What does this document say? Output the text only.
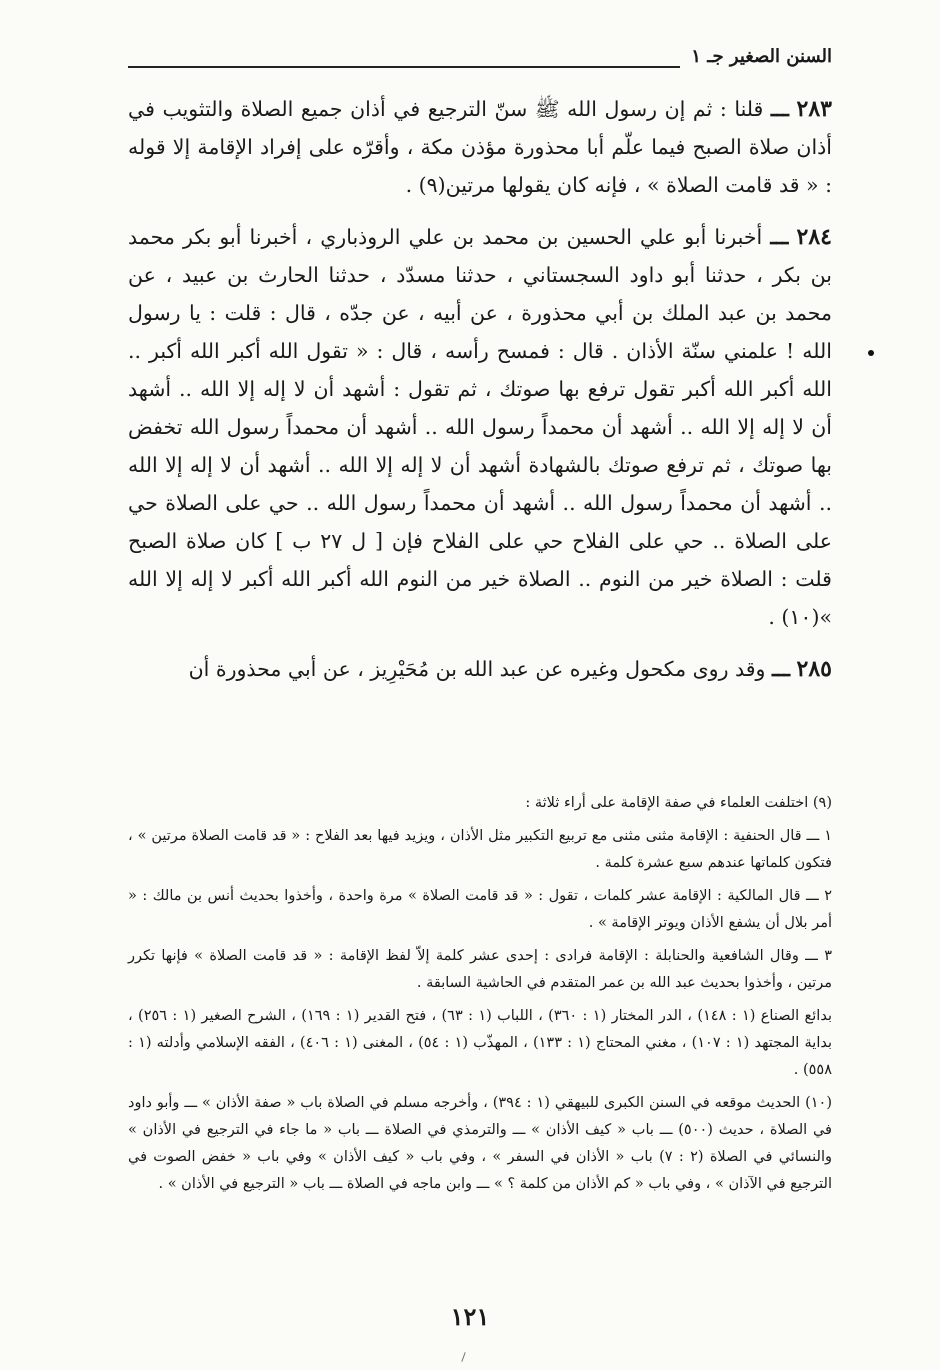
السنن الصغير جـ ١

٢٨٣ ـــ قلنا : ثم إن رسول الله ﷺ سنّ الترجيع في أذان جميع الصلاة والتثويب في أذان صلاة الصبح فيما علّم أبا محذورة مؤذن مكة ، وأقرّه على إفراد الإقامة إلا قوله : « قد قامت الصلاة » ، فإنه كان يقولها مرتين(٩) .

٢٨٤ ـــ أخبرنا أبو علي الحسين بن محمد بن علي الروذباري ، أخبرنا أبو بكر محمد بن بكر ، حدثنا أبو داود السجستاني ، حدثنا مسدّد ، حدثنا الحارث بن عبيد ، عن محمد بن عبد الملك بن أبي محذورة ، عن أبيه ، عن جدّه ، قال : قلت : يا رسول الله ! علمني سنّة الأذان . قال : فمسح رأسه ، قال : « تقول الله أكبر الله أكبر .. الله أكبر الله أكبر تقول ترفع بها صوتك ، ثم تقول : أشهد أن لا إله إلا الله .. أشهد أن لا إله إلا الله .. أشهد أن محمداً رسول الله .. أشهد أن محمداً رسول الله تخفض بها صوتك ، ثم ترفع صوتك بالشهادة أشهد أن لا إله إلا الله .. أشهد أن لا إله إلا الله .. أشهد أن محمداً رسول الله .. أشهد أن محمداً رسول الله .. حي على الصلاة حي على الصلاة .. حي على الفلاح حي على الفلاح فإن [ ل ٢٧ ب ] كان صلاة الصبح قلت : الصلاة خير من النوم .. الصلاة خير من النوم الله أكبر الله أكبر لا إله إلا الله »(١٠) .

٢٨٥ ـــ وقد روى مكحول وغيره عن عبد الله بن مُحَيْرِيز ، عن أبي محذورة أن

(٩) اختلفت العلماء في صفة الإقامة على أراء ثلاثة :

١ ـــ قال الحنفية : الإقامة مثنى مثنى مع تربيع التكبير مثل الأذان ، ويزيد فيها بعد الفلاح : « قد قامت الصلاة مرتين » ، فتكون كلماتها عندهم سبع عشرة كلمة .

٢ ـــ قال المالكية : الإقامة عشر كلمات ، تقول : « قد قامت الصلاة » مرة واحدة ، وأخذوا بحديث أنس بن مالك : « أمر بلال أن يشفع الأذان ويوتر الإقامة » .

٣ ـــ وقال الشافعية والحنابلة : الإقامة فرادى : إحدى عشر كلمة إلاّ لفظ الإقامة : « قد قامت الصلاة » فإنها تكرر مرتين ، وأخذوا بحديث عبد الله بن عمر المتقدم في الحاشية السابقة .

بدائع الصناع (١ : ١٤٨) ، الدر المختار (١ : ٣٦٠) ، اللباب (١ : ٦٣) ، فتح القدير (١ : ١٦٩) ، الشرح الصغير (١ : ٢٥٦) ، بداية المجتهد (١ : ١٠٧) ، مغني المحتاج (١ : ١٣٣) ، المهذّب (١ : ٥٤) ، المغنى (١ : ٤٠٦) ، الفقه الإسلامي وأدلته (١ : ٥٥٨) .

(١٠) الحديث موقعه في السنن الكبرى للبيهقي (١ : ٣٩٤) ، وأخرجه مسلم في الصلاة باب « صفة الأذان » ـــ وأبو داود في الصلاة ، حديث (٥٠٠) ـــ باب « كيف الأذان » ـــ والترمذي في الصلاة ـــ باب « ما جاء في الترجيع في الأذان » والنسائي في الصلاة (٢ : ٧) باب « الأذان في السفر » ، وفي باب « كيف الأذان » وفي باب « خفض الصوت في الترجيع في الآذان » ، وفي باب « كم الأذان من كلمة ؟ » ـــ وابن ماجه في الصلاة ـــ باب « الترجيع في الأذان » .

١٢١
